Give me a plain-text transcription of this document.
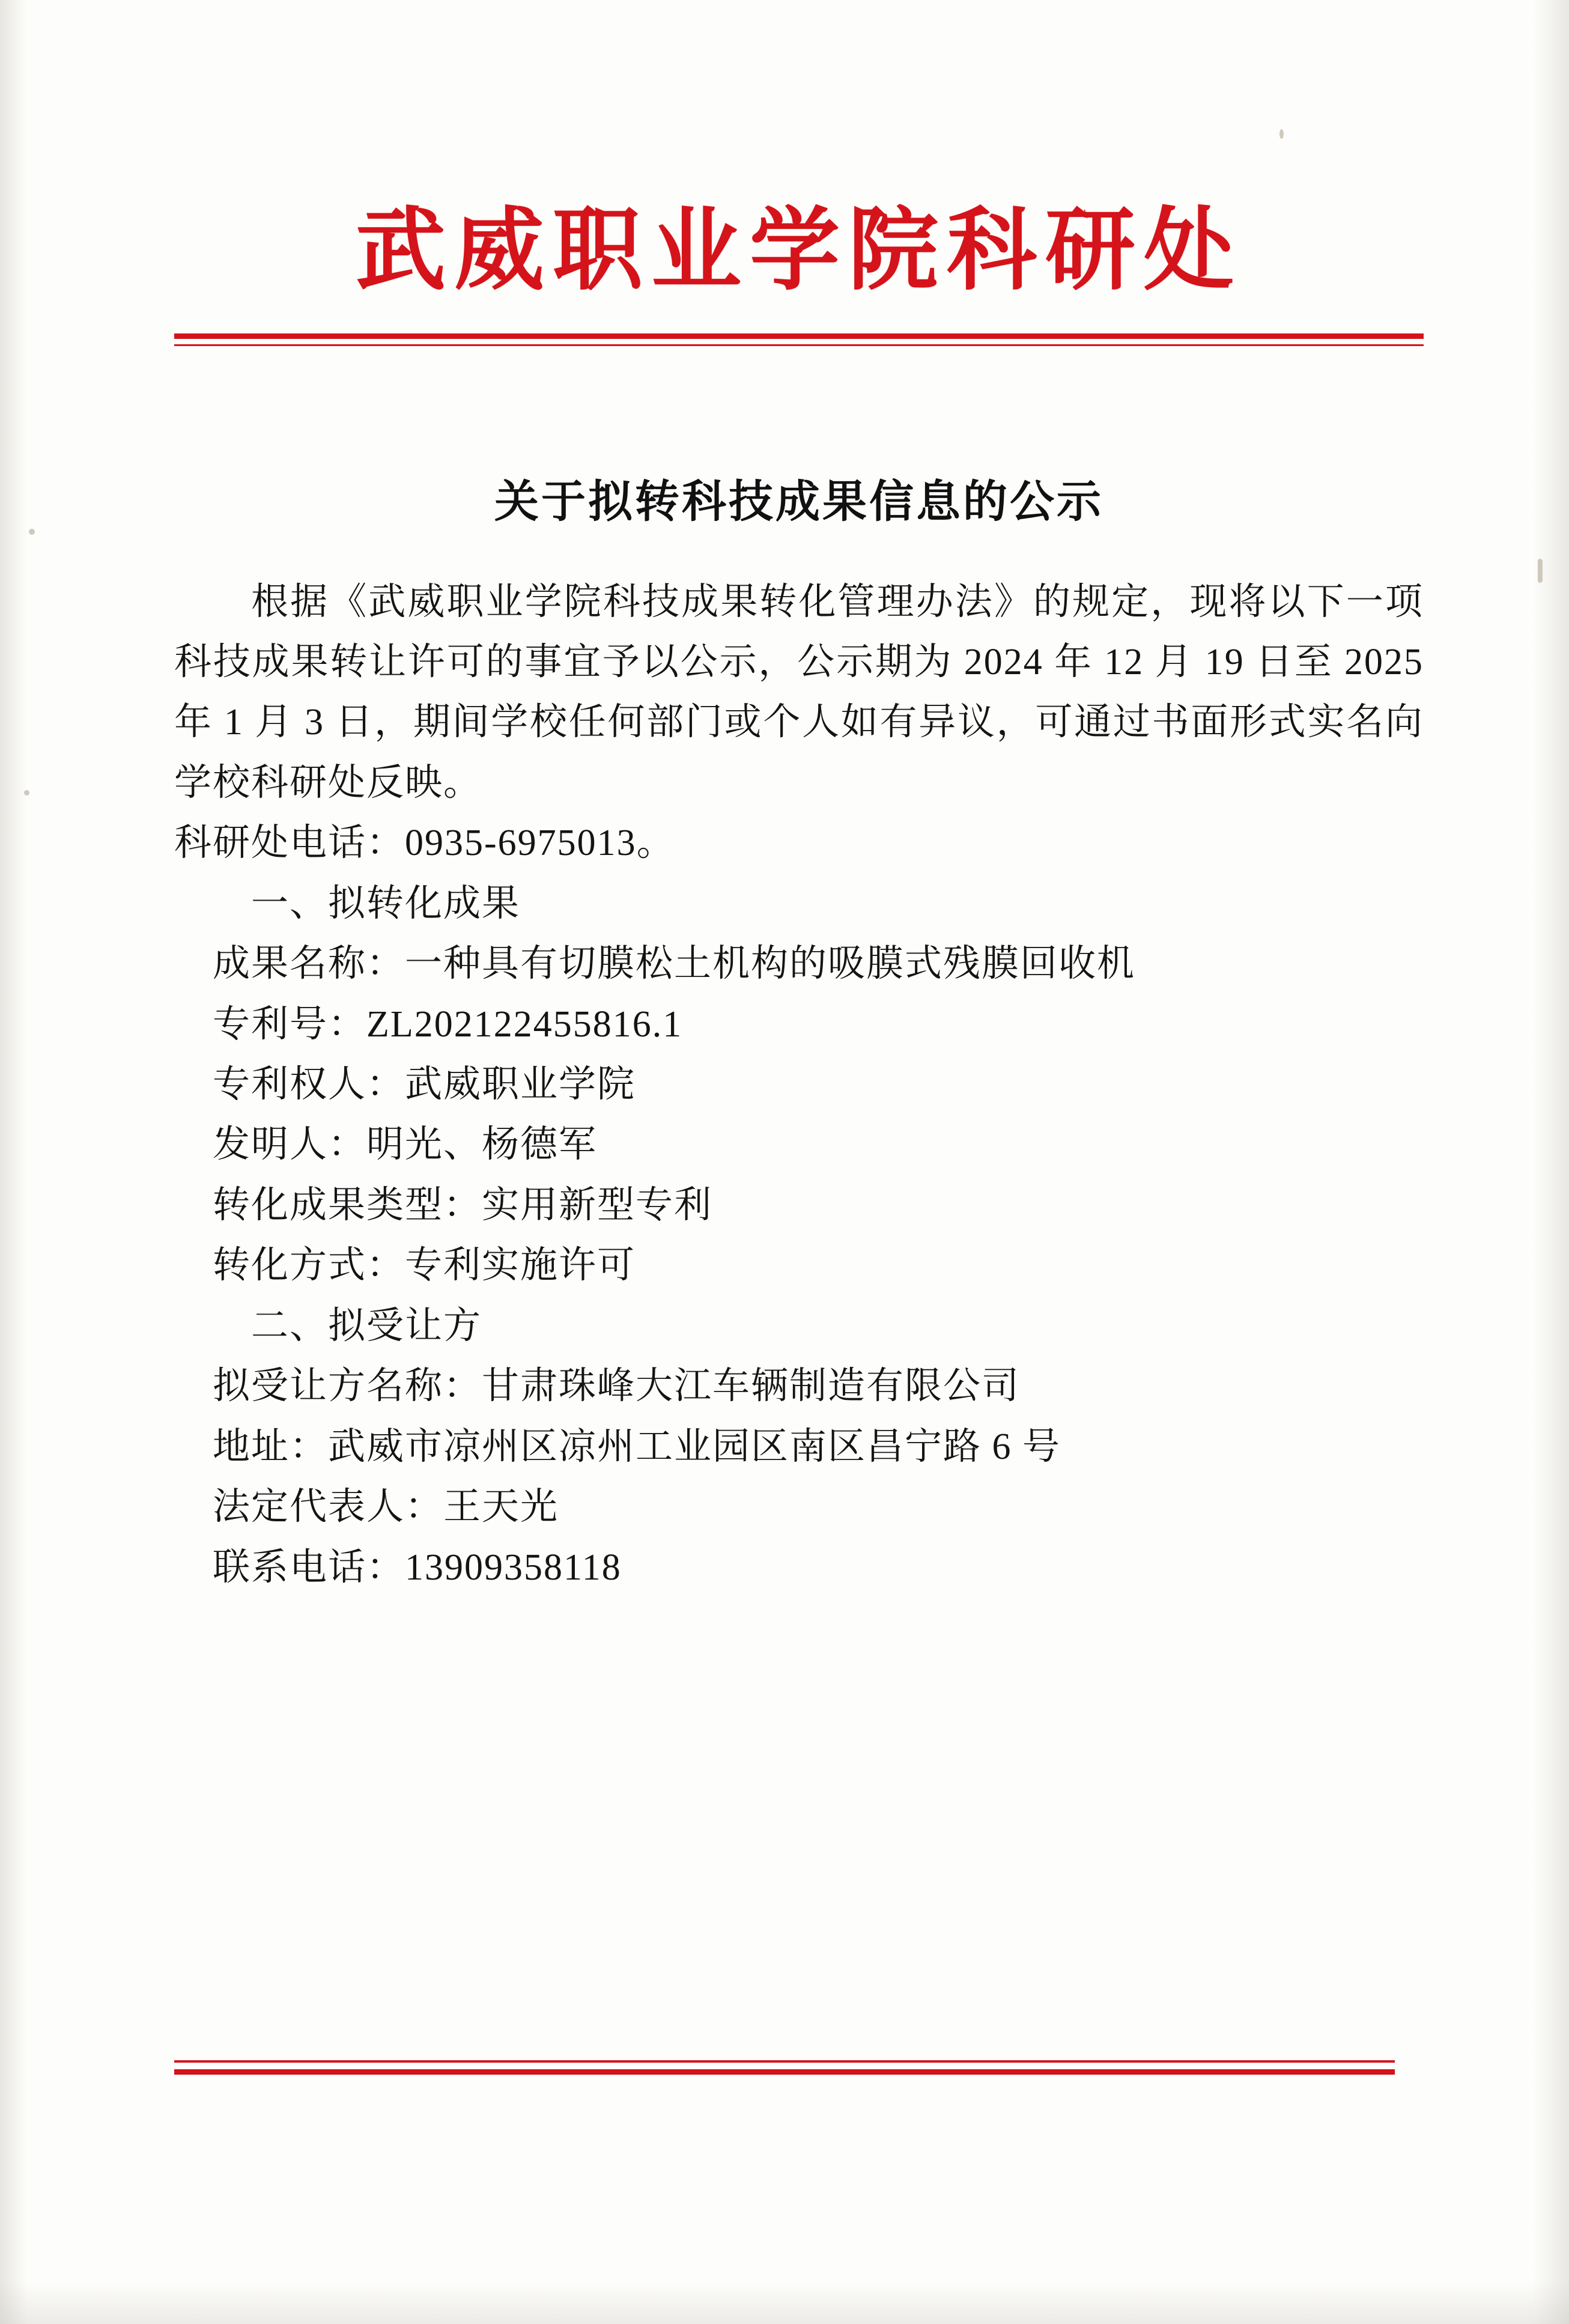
武威职业学院科研处
关于拟转科技成果信息的公示
根据《武威职业学院科技成果转化管理办法》的规定，现将以下一项科技成果转让许可的事宜予以公示，公示期为 2024 年 12 月 19 日至 2025 年 1 月 3 日，期间学校任何部门或个人如有异议，可通过书面形式实名向学校科研处反映。
科研处电话：0935-6975013。
一、拟转化成果
成果名称：一种具有切膜松土机构的吸膜式残膜回收机
专利号：ZL202122455816.1
专利权人：武威职业学院
发明人：明光、杨德军
转化成果类型：实用新型专利
转化方式：专利实施许可
二、拟受让方
拟受让方名称：甘肃珠峰大江车辆制造有限公司
地址：武威市凉州区凉州工业园区南区昌宁路 6 号
法定代表人：王天光
联系电话：13909358118
